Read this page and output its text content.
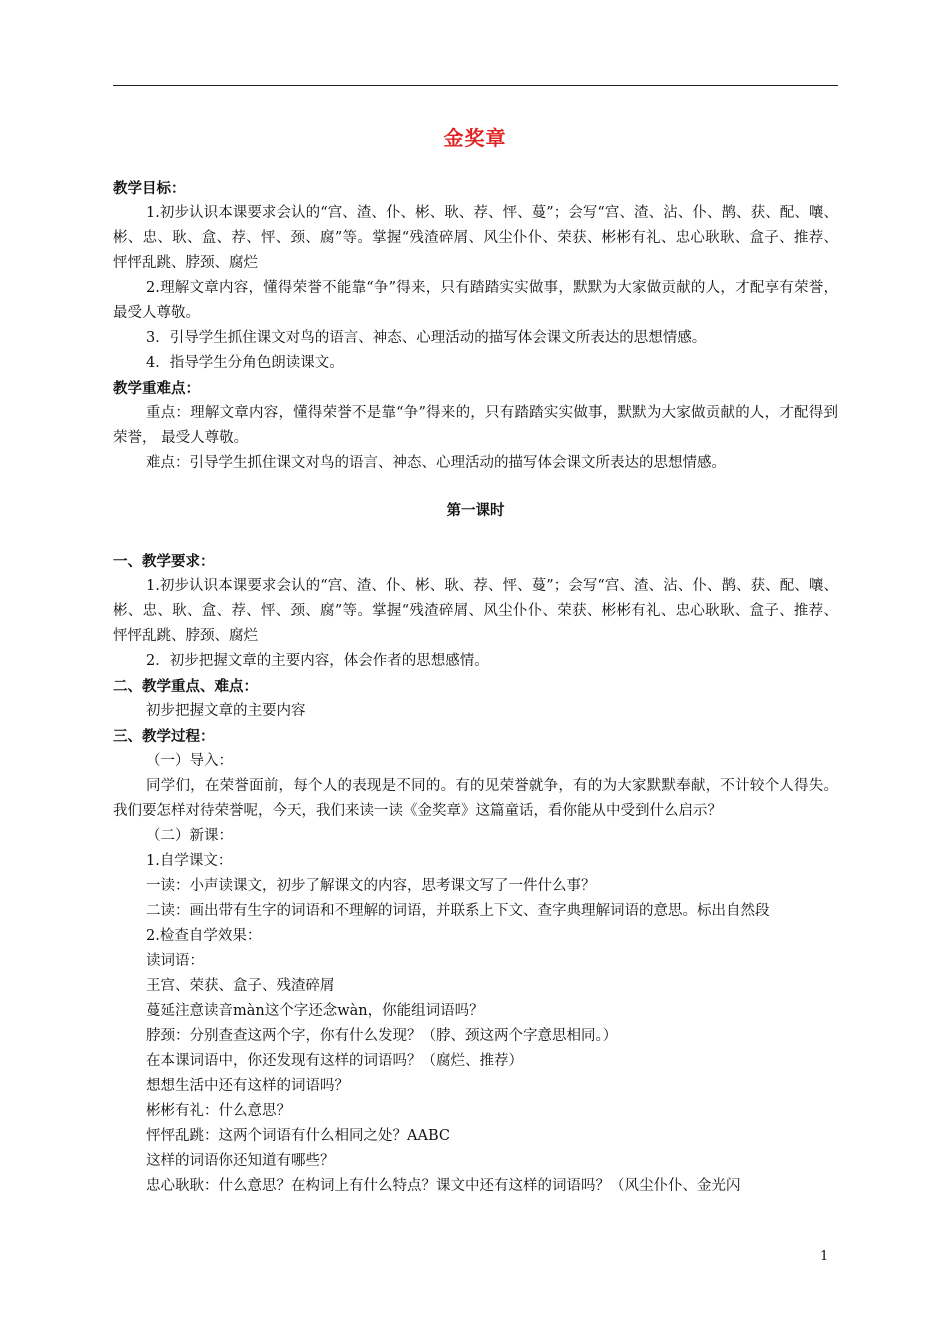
金奖章

教学目标：

1.初步认识本课要求会认的“宫、渣、仆、彬、耿、荐、怦、蔓”；会写“宫、渣、沾、仆、鹊、获、配、嚷、彬、忠、耿、盒、荐、怦、颈、腐”等。掌握“残渣碎屑、风尘仆仆、荣获、彬彬有礼、忠心耿耿、盒子、推荐、怦怦乱跳、脖颈、腐烂

2.理解文章内容，懂得荣誉不能靠“争”得来，只有踏踏实实做事，默默为大家做贡献的人，才配享有荣誉，最受人尊敬。

3．引导学生抓住课文对鸟的语言、神态、心理活动的描写体会课文所表达的思想情感。

4．指导学生分角色朗读课文。

教学重难点：

重点：理解文章内容，懂得荣誉不是靠“争”得来的，只有踏踏实实做事，默默为大家做贡献的人，才配得到荣誉， 最受人尊敬。

难点：引导学生抓住课文对鸟的语言、神态、心理活动的描写体会课文所表达的思想情感。

第一课时

一、教学要求：

1.初步认识本课要求会认的“宫、渣、仆、彬、耿、荐、怦、蔓”；会写“宫、渣、沾、仆、鹊、获、配、嚷、彬、忠、耿、盒、荐、怦、颈、腐”等。掌握“残渣碎屑、风尘仆仆、荣获、彬彬有礼、忠心耿耿、盒子、推荐、怦怦乱跳、脖颈、腐烂

2．初步把握文章的主要内容，体会作者的思想感情。

二、教学重点、难点：

初步把握文章的主要内容

三、教学过程：

（一）导入：

同学们，在荣誉面前，每个人的表现是不同的。有的见荣誉就争，有的为大家默默奉献，不计较个人得失。我们要怎样对待荣誉呢，今天，我们来读一读《金奖章》这篇童话，看你能从中受到什么启示？

（二）新课：

1.自学课文：

一读：小声读课文，初步了解课文的内容，思考课文写了一件什么事？

二读：画出带有生字的词语和不理解的词语，并联系上下文、查字典理解词语的意思。标出自然段

2.检查自学效果：

读词语：

王宫、荣获、盒子、残渣碎屑

蔓延注意读音màn这个字还念wàn，你能组词语吗？

脖颈：分别查查这两个字，你有什么发现？（脖、颈这两个字意思相同。）

在本课词语中，你还发现有这样的词语吗？（腐烂、推荐）

想想生活中还有这样的词语吗？

彬彬有礼：什么意思？

怦怦乱跳：这两个词语有什么相同之处？AABC

这样的词语你还知道有哪些？

忠心耿耿：什么意思？在构词上有什么特点？课文中还有这样的词语吗？（风尘仆仆、金光闪

1
